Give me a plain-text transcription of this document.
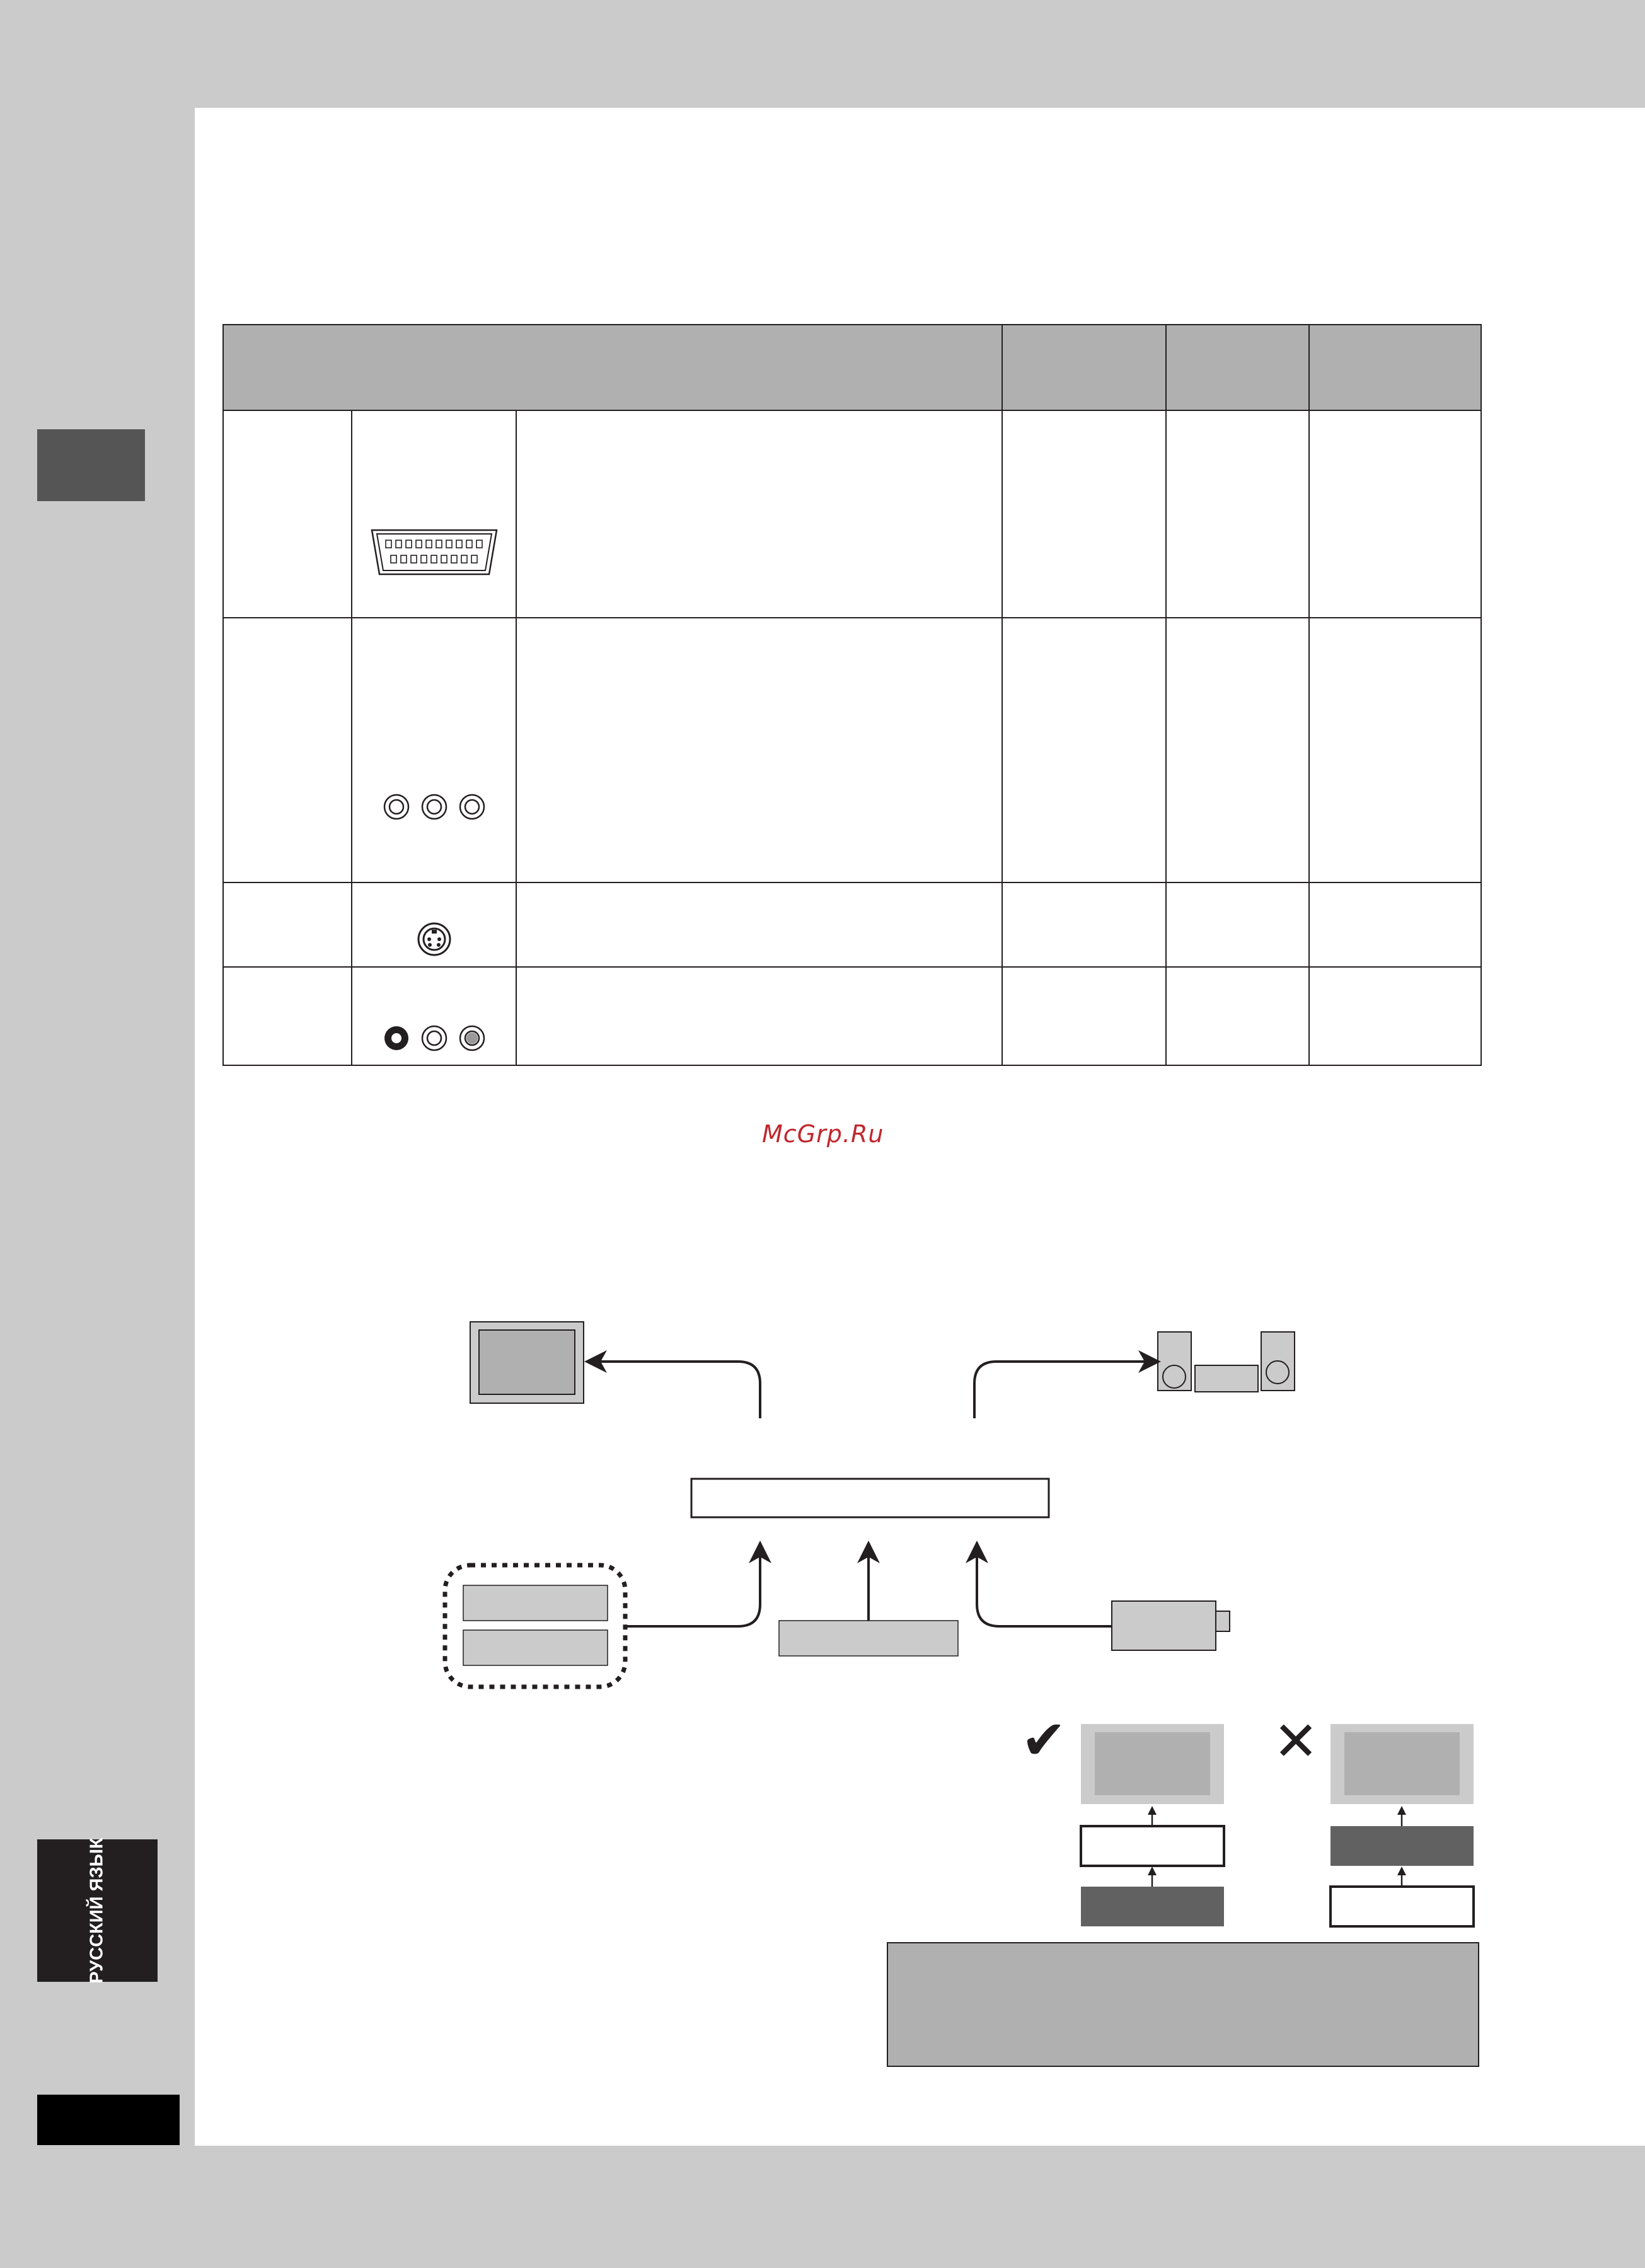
РУССКИЙ ЯЗЫК

McGrp.Ru
✔	✕
